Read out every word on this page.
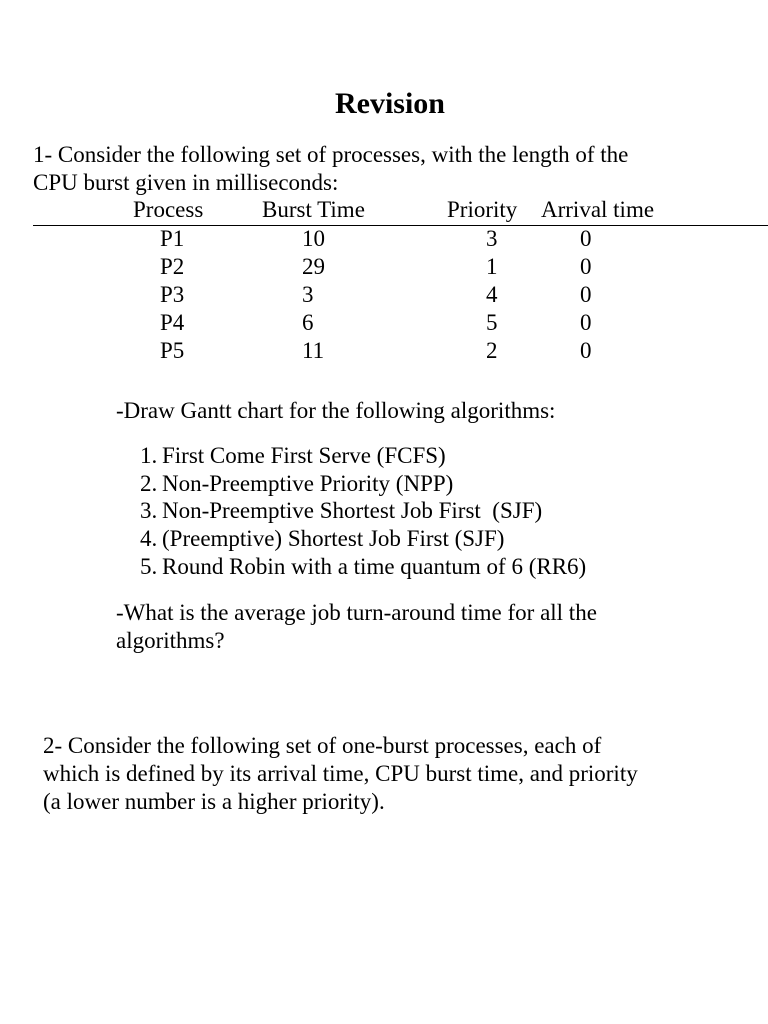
Revision
1- Consider the following set of processes, with the length of the
CPU burst given in milliseconds:
Process	Burst Time	Priority Arrival time
P1	10	3	0
P2	29	1	0
P3	3	4	0
P4	6	5	0
P5	11	2	0
-Draw Gantt chart for the following algorithms:
1. First Come First Serve (FCFS)
2. Non-Preemptive Priority (NPP)
3. Non-Preemptive Shortest Job First  (SJF)
4. (Preemptive) Shortest Job First (SJF)
5. Round Robin with a time quantum of 6 (RR6)
-What is the average job turn-around time for all the
algorithms?
2- Consider the following set of one-burst processes, each of
which is defined by its arrival time, CPU burst time, and priority
(a lower number is a higher priority).
